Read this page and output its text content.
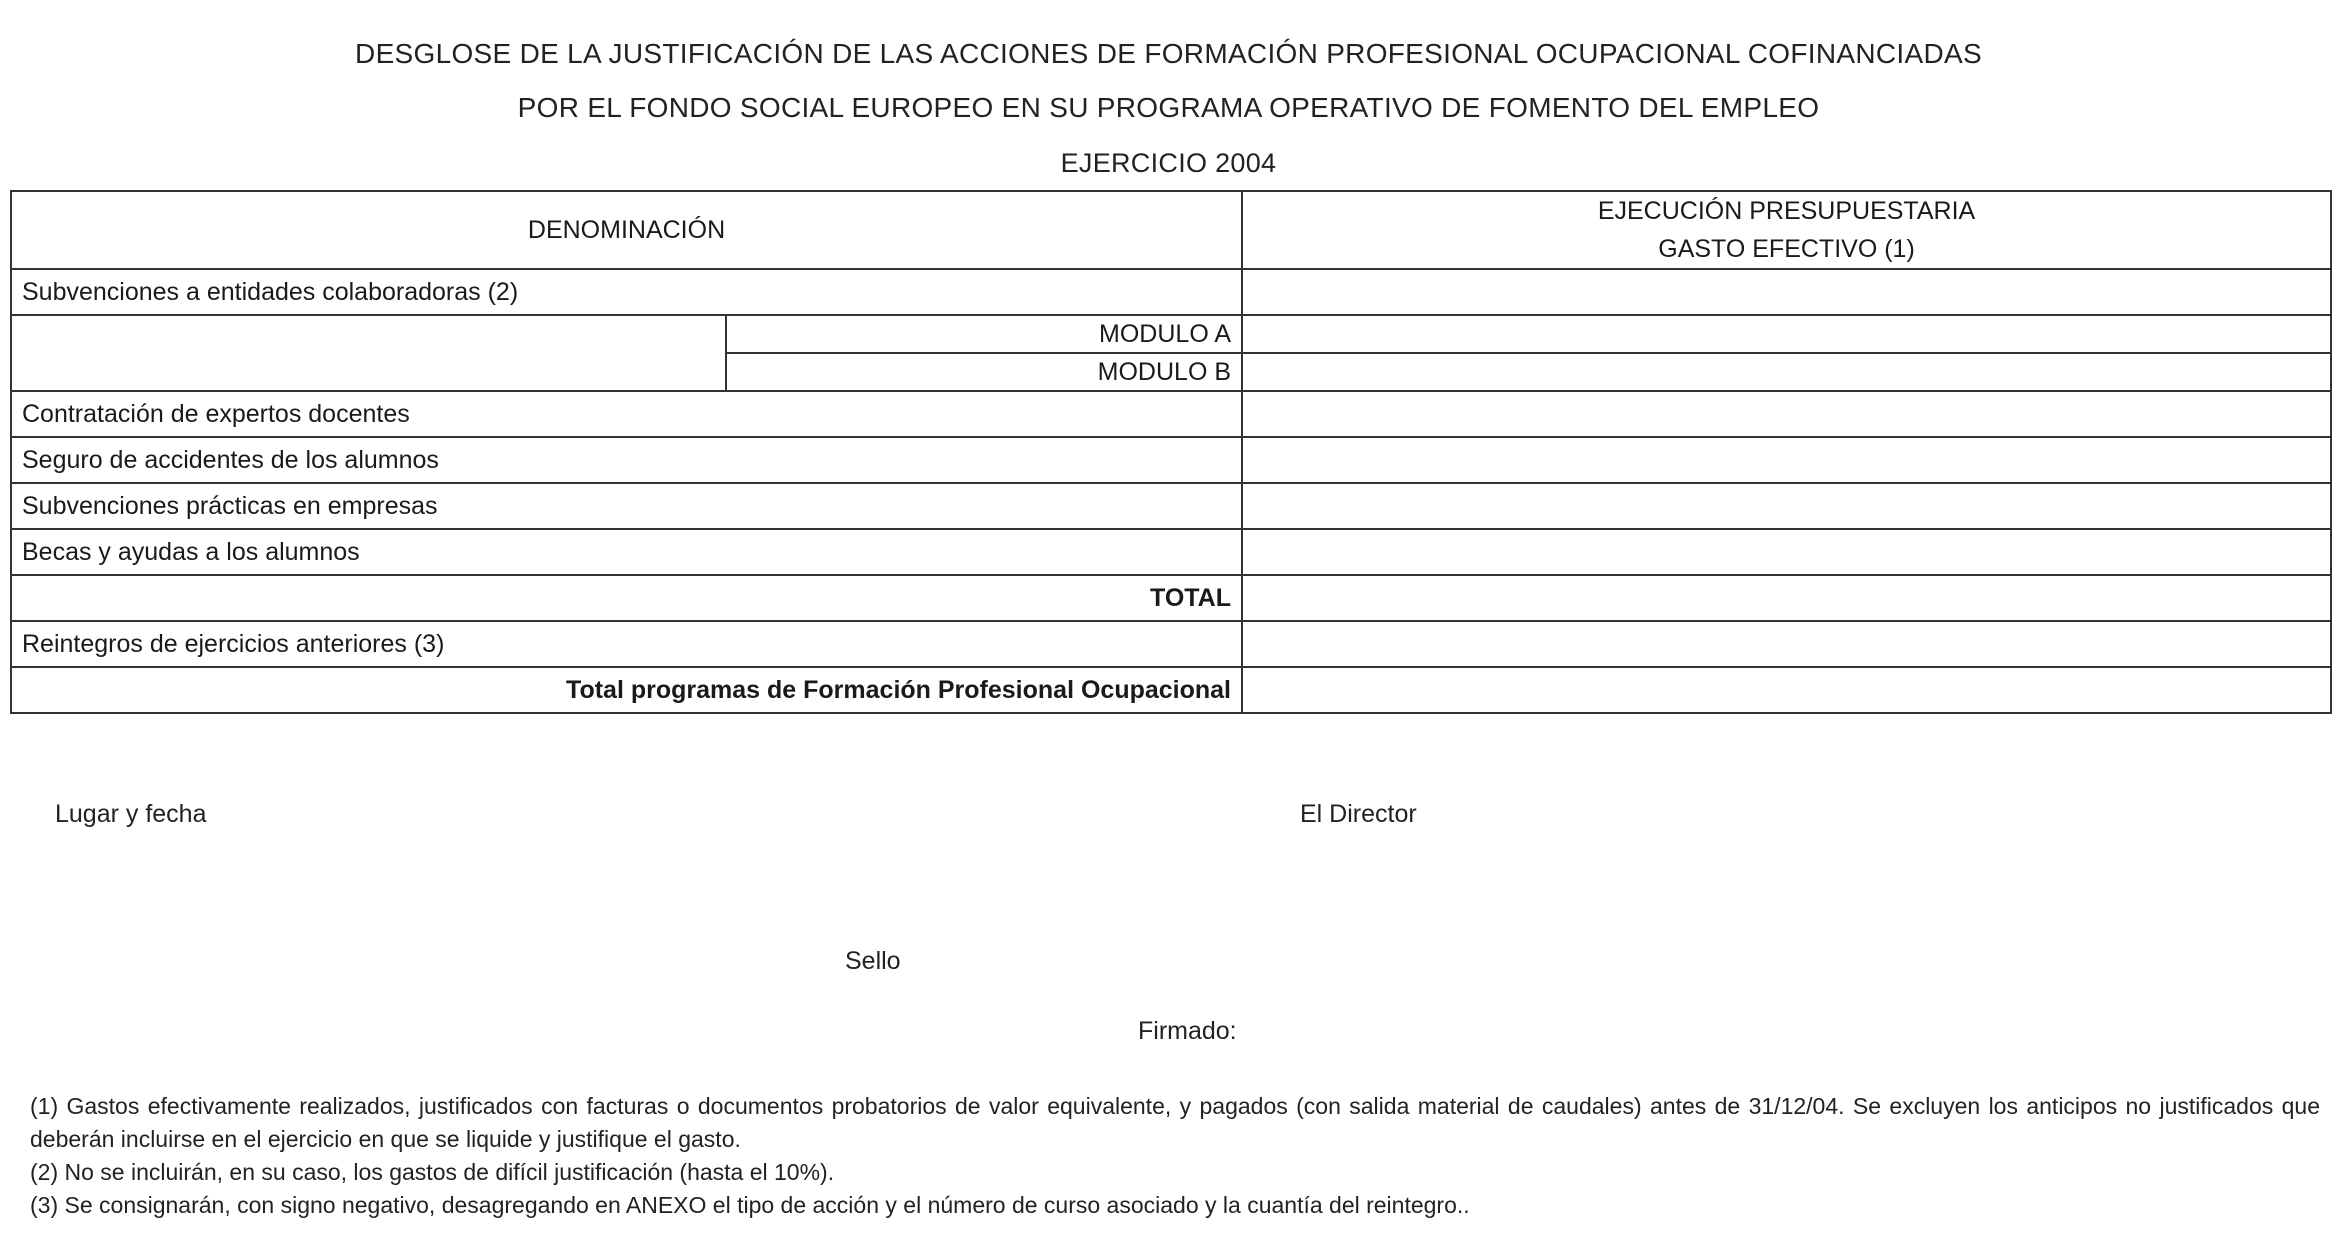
DESGLOSE DE LA JUSTIFICACIÓN DE LAS ACCIONES DE FORMACIÓN PROFESIONAL OCUPACIONAL COFINANCIADAS
POR EL FONDO SOCIAL EUROPEO EN SU PROGRAMA OPERATIVO DE FOMENTO DEL EMPLEO
EJERCICIO 2004
DENOMINACIÓN		EJECUCIÓN PRESUPUESTARIA
GASTO EFECTIVO (1)

Subvenciones a entidades colaboradoras (2)		
	MODULO A	
	MODULO B	
Contratación de expertos docentes		
Seguro de accidentes de los alumnos		
Subvenciones prácticas en empresas		
Becas y ayudas a los alumnos		
TOTAL		
Reintegros de ejercicios anteriores (3)		
Total programas de Formación Profesional Ocupacional		
Lugar y fecha	El Director
Sello
Firmado:

(1) Gastos efectivamente realizados, justificados con facturas o documentos probatorios de valor equivalente, y pagados (con salida material de caudales) antes de 31/12/04. Se excluyen los anticipos no justificados que deberán incluirse en el ejercicio en que se liquide y justifique el gasto.

(2) No se incluirán, en su caso, los gastos de difícil justificación (hasta el 10%).

(3) Se consignarán, con signo negativo, desagregando en ANEXO el tipo de acción y el número de curso asociado y la cuantía del reintegro..
